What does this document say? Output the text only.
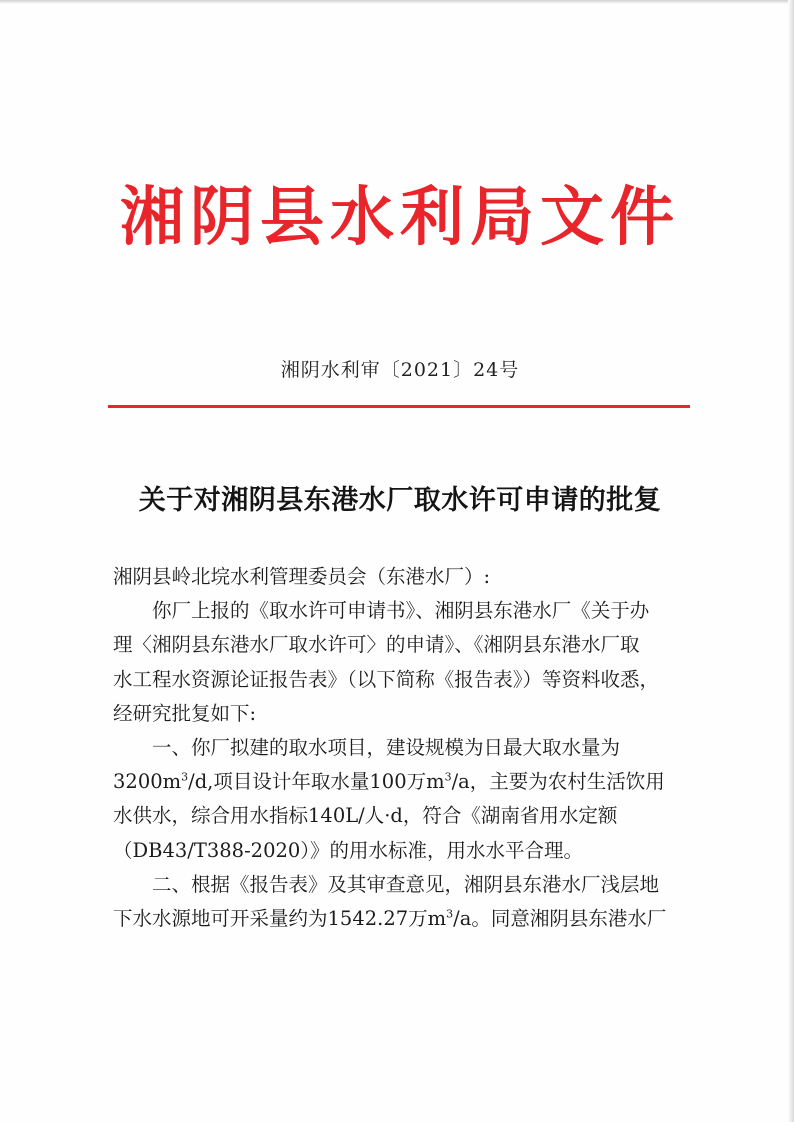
湘阴县水利局文件
湘阴水利审〔2021〕24号
关于对湘阴县东港水厂取水许可申请的批复
湘阴县岭北垸水利管理委员会（东港水厂）:
你厂上报的《取水许可申请书》、湘阴县东港水厂《关于办
理〈湘阴县东港水厂取水许可〉的申请》、《湘阴县东港水厂取
水工程水资源论证报告表》（以下简称《报告表》）等资料收悉，
经研究批复如下:
一、你厂拟建的取水项目，建设规模为日最大取水量为
$3200m^3/d$,项目设计年取水量100万$m^3/a$，主要为农村生活饮用
水供水，综合用水指标140L/人·d，符合《湖南省用水定额
（DB43/T388-2020）》的用水标准，用水水平合理。
二、根据《报告表》及其审查意见，湘阴县东港水厂浅层地
下水水源地可开采量约为1542.27万$m^3/a$。同意湘阴县东港水厂
